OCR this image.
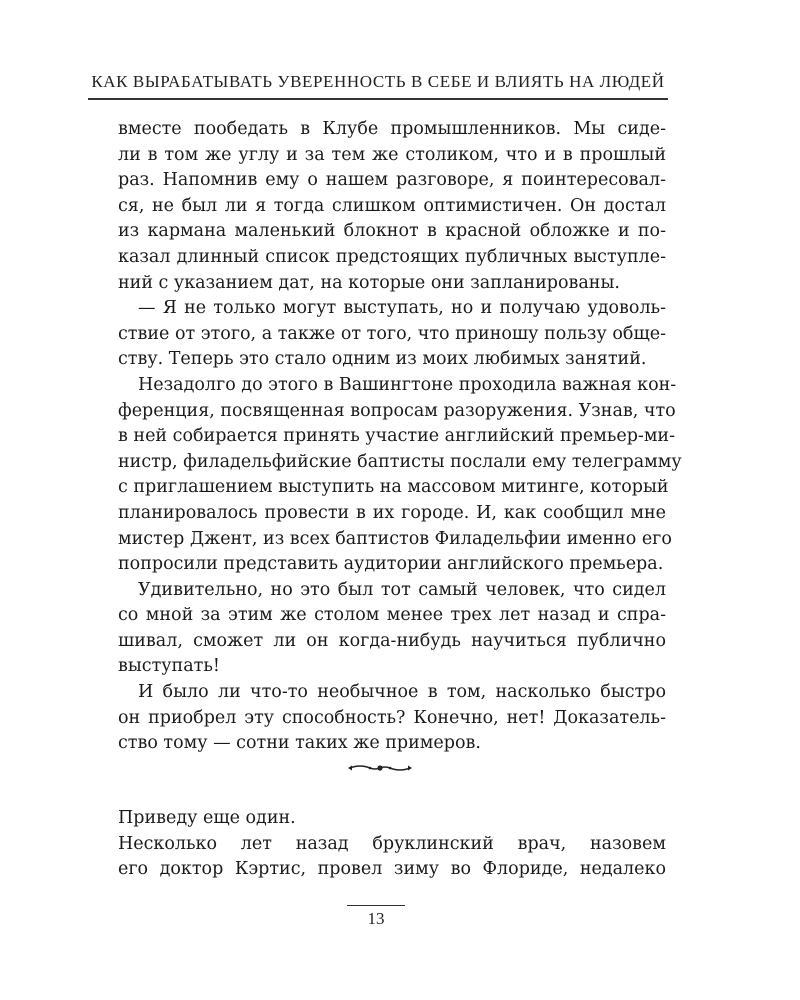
КАК ВЫРАБАТЫВАТЬ УВЕРЕННОСТЬ В СЕБЕ И ВЛИЯТЬ НА ЛЮДЕЙ

вместе пообедать в Клубе промышленников. Мы сиде-
ли в том же углу и за тем же столиком, что и в прошлый
раз. Напомнив ему о нашем разговоре, я поинтересовал-
ся, не был ли я тогда слишком оптимистичен. Он достал
из кармана маленький блокнот в красной обложке и по-
казал длинный список предстоящих публичных выступле-
ний с указанием дат, на которые они запланированы.

— Я не только могут выступать, но и получаю удоволь-
ствие от этого, а также от того, что приношу пользу обще-
ству. Теперь это стало одним из моих любимых занятий.

Незадолго до этого в Вашингтоне проходила важная кон-
ференция, посвященная вопросам разоружения. Узнав, что
в ней собирается принять участие английский премьер-ми-
нистр, филадельфийские баптисты послали ему телеграмму
с приглашением выступить на массовом митинге, который
планировалось провести в их городе. И, как сообщил мне
мистер Джент, из всех баптистов Филадельфии именно его
попросили представить аудитории английского премьера.

Удивительно, но это был тот самый человек, что сидел
со мной за этим же столом менее трех лет назад и спра-
шивал, сможет ли он когда-нибудь научиться публично
выступать!

И было ли что-то необычное в том, насколько быстро
он приобрел эту способность? Конечно, нет! Доказатель-
ство тому — сотни таких же примеров.

Приведу еще один.

Несколько лет назад бруклинский врач, назовем
его доктор Кэртис, провел зиму во Флориде, недалеко

13
